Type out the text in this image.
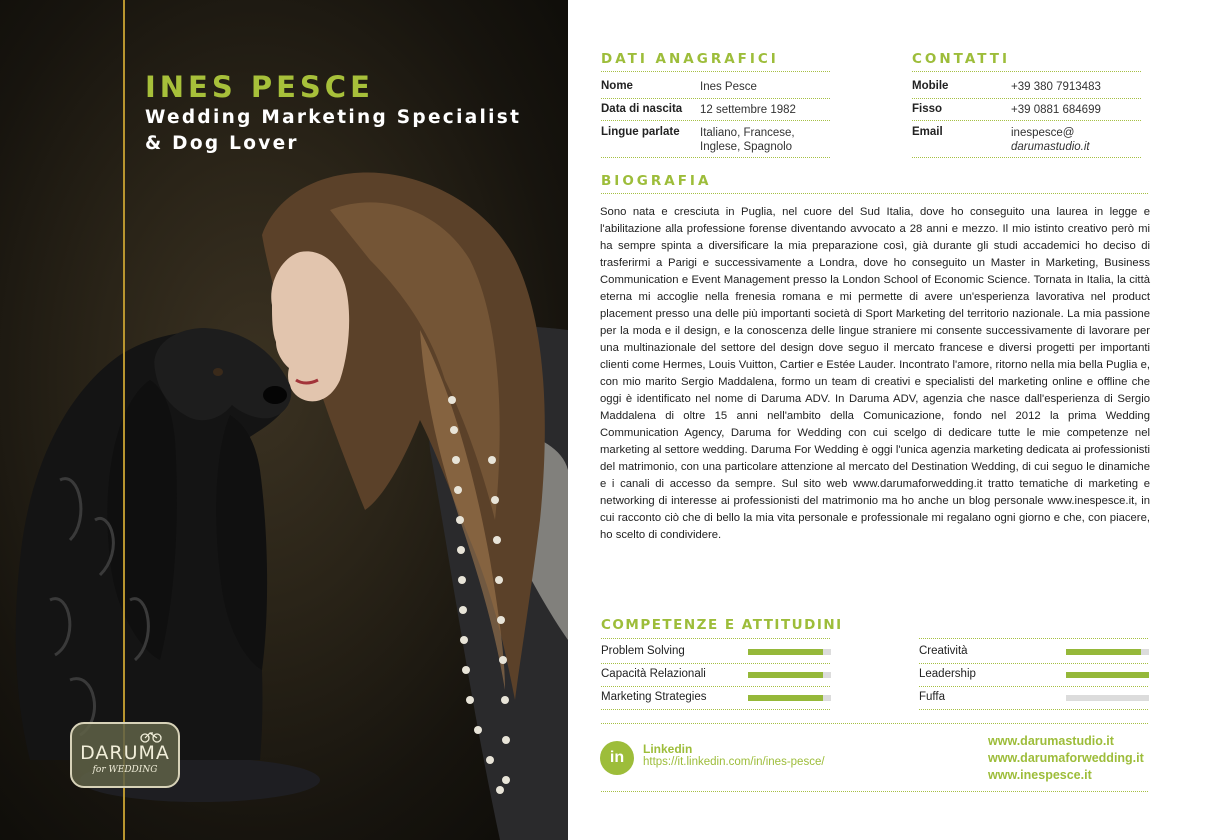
INES PESCE
Wedding Marketing Specialist
& Dog Lover
DARUMA
for WEDDING
DATI ANAGRAFICI
Nome	Ines Pesce
Data di nascita 12 settembre 1982
Lingue parlate Italiano, Francese,
Inglese, Spagnolo
CONTATTI
Mobile	+39 380 7913483
Fisso	+39 0881 684699
Email	inespesce@
darumastudio.it
BIOGRAFIA
Sono nata e cresciuta in Puglia, nel cuore del Sud Italia, dove ho conseguito una laurea in legge e l'abilitazione alla professione forense diventando avvocato a 28 anni e mezzo. Il mio istinto creativo però mi ha sempre spinta a diversificare la mia preparazione così, già durante gli studi accademici ho deciso di trasferirmi a Parigi e successivamente a Londra, dove ho conseguito un Master in Marketing, Business Communication e Event Management presso la London School of Economic Science. Tornata in Italia, la città eterna mi accoglie nella frenesia romana e mi permette di avere un'esperienza lavorativa nel product placement presso una delle più importanti società di Sport Marketing del territorio nazionale. La mia passione per la moda e il design, e la conoscenza delle lingue straniere mi consente successivamente di lavorare per una multinazionale del settore del design dove seguo il mercato francese e diversi progetti per importanti clienti come Hermes, Louis Vuitton, Cartier e Estée Lauder. Incontrato l'amore, ritorno nella mia bella Puglia e, con mio marito Sergio Maddalena, formo un team di creativi e specialisti del marketing online e offline che oggi è identificato nel nome di Daruma ADV. In Daruma ADV, agenzia che nasce dall'esperienza di Sergio Maddalena di oltre 15 anni nell'ambito della Comunicazione, fondo nel 2012 la prima Wedding Communication Agency, Daruma for Wedding con cui scelgo di dedicare tutte le mie competenze nel marketing al settore wedding. Daruma For Wedding è oggi l'unica agenzia marketing dedicata ai professionisti del matrimonio, con una particolare attenzione al mercato del Destination Wedding, di cui seguo le dinamiche e i canali di accesso da sempre. Sul sito web www.darumaforwedding.it tratto tematiche di marketing e networking di interesse ai professionisti del matrimonio ma ho anche un blog personale www.inespesce.it, in cui racconto ciò che di bello la mia vita personale e professionale mi regalano ogni giorno e che, con piacere, ho scelto di condividere.
COMPETENZE E ATTITUDINI
Problem Solving
Capacità Relazionali
Marketing Strategies
Creatività
Leadership
Fuffa
in	Linkedin
https://it.linkedin.com/in/ines-pesce/
www.darumastudio.it
www.darumaforwedding.it
www.inespesce.it
